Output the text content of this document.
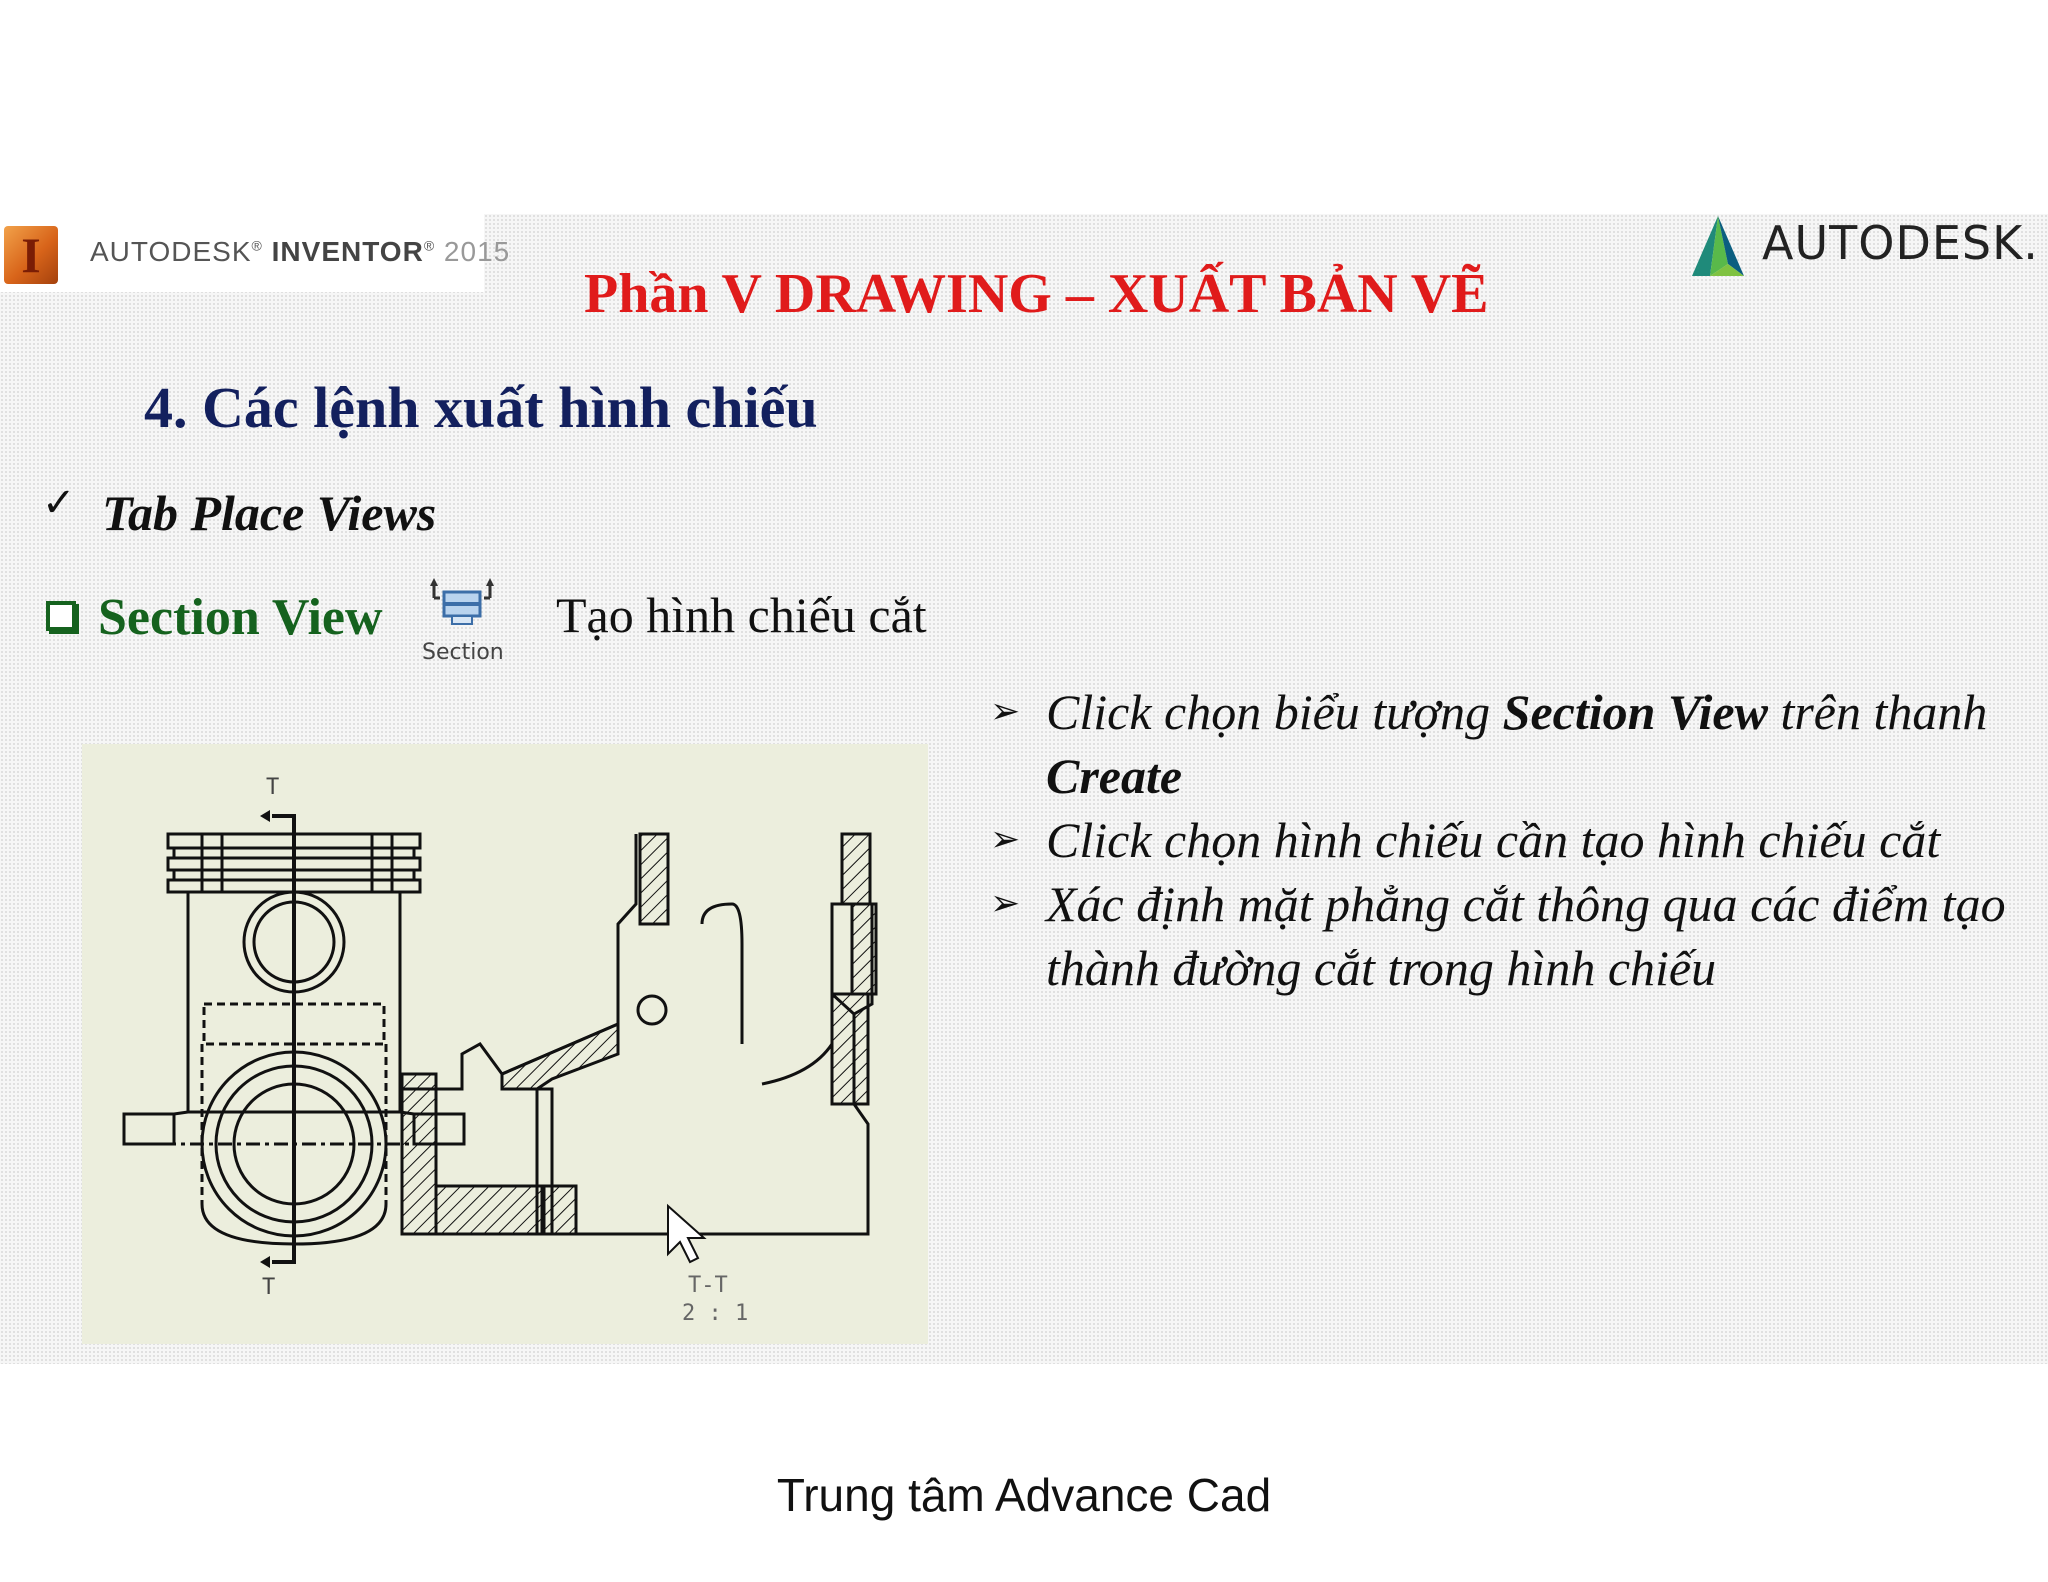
I	AUTODESK® INVENTOR® 2015	AUTODESK.
Phần V DRAWING – XUẤT BẢN VẼ
4. Các lệnh xuất hình chiếu
✓ Tab Place Views
Section View
Section
Tạo hình chiếu cắt
➢ Click chọn biểu tượng Section View trên thanh Create
➢ Click chọn hình chiếu cần tạo hình chiếu cắt
➢ Xác định mặt phẳng cắt thông qua các điểm tạo thành đường cắt trong hình chiếu
T
T	T-T
2 : 1
Trung tâm Advance Cad
